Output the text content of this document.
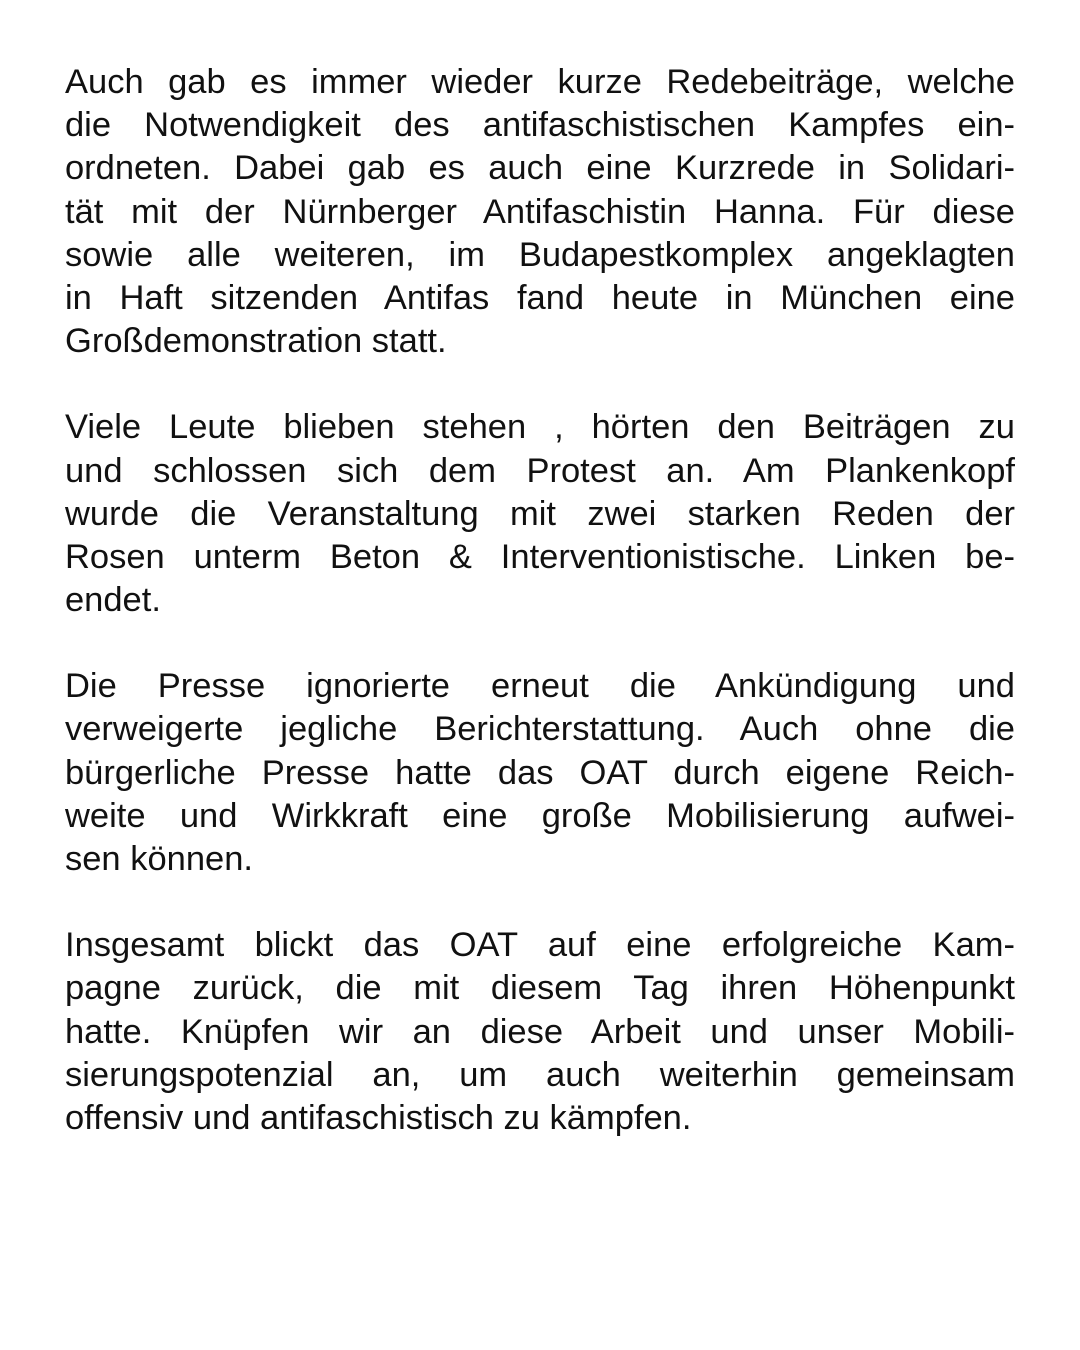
Auch gab es immer wieder kurze Redebeiträge, welche
die Notwendigkeit des antifaschistischen Kampfes ein-
ordneten. Dabei gab es auch eine Kurzrede in Solidari-
tät mit der Nürnberger Antifaschistin Hanna. Für diese
sowie alle weiteren, im Budapestkomplex angeklagten
in Haft sitzenden Antifas fand heute in München eine
Großdemonstration statt.
Viele Leute blieben stehen , hörten den Beiträgen zu
und schlossen sich dem Protest an. Am Plankenkopf
wurde die Veranstaltung mit zwei starken Reden der
Rosen unterm Beton & Interventionistische. Linken be-
endet.
Die Presse ignorierte erneut die Ankündigung und
verweigerte jegliche Berichterstattung. Auch ohne die
bürgerliche Presse hatte das OAT durch eigene Reich-
weite und Wirkkraft eine große Mobilisierung aufwei-
sen können.
Insgesamt blickt das OAT auf eine erfolgreiche Kam-
pagne zurück, die mit diesem Tag ihren Höhenpunkt
hatte. Knüpfen wir an diese Arbeit und unser Mobili-
sierungspotenzial an, um auch weiterhin gemeinsam
offensiv und antifaschistisch zu kämpfen.
